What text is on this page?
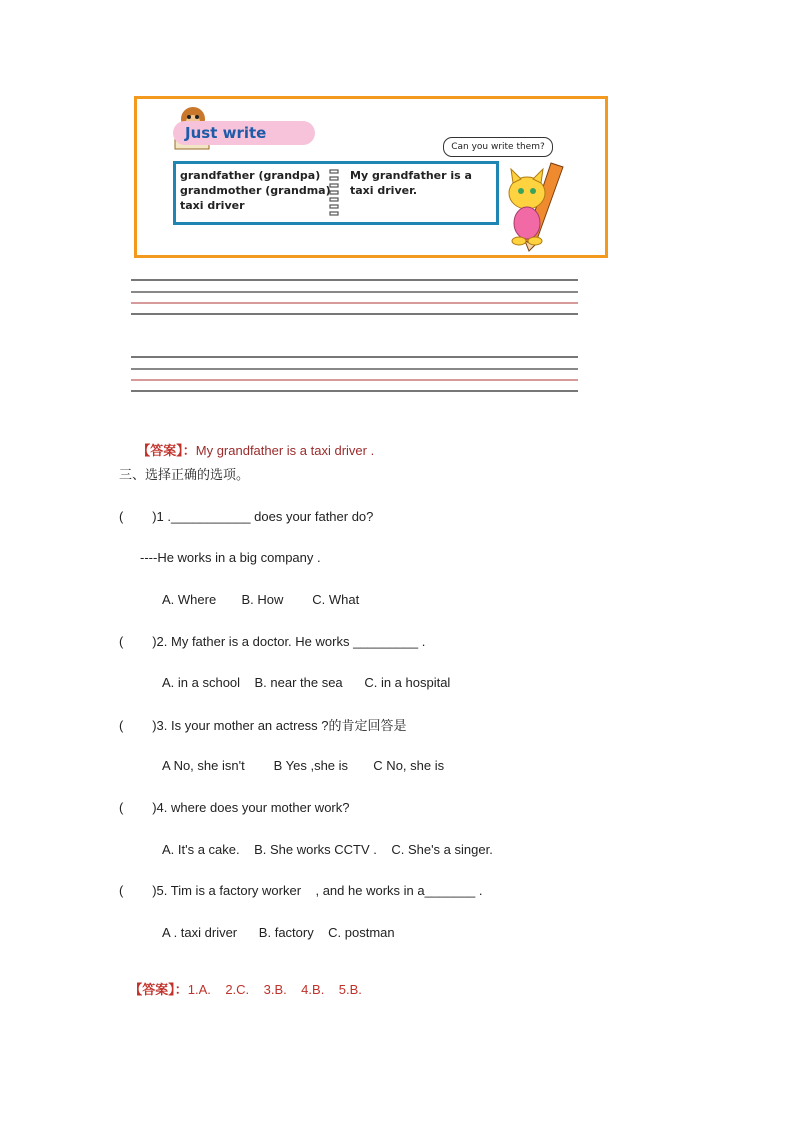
Just write
grandfather (grandpa)
grandmother (grandma)
taxi driver
My grandfather is a
taxi driver.
Can you write them?

【答案】：My grandfather is a taxi driver .

三、选择正确的选项。
(        )1 .___________ does your father do?
----He works in a big company .
A. Where       B. How        C. What
(        )2. My father is a doctor. He works _________ .
A. in a school    B. near the sea      C. in a hospital
(        )3. Is your mother an actress ?的肯定回答是
A No, she isn't        B Yes ,she is       C No, she is
(        )4. where does your mother work?
A. It's a cake.    B. She works CCTV .    C. She's a singer.
(        )5. Tim is a factory worker    , and he works in a_______ .
A . taxi driver      B. factory    C. postman

【答案】：1.A.    2.C.    3.B.    4.B.    5.B.
